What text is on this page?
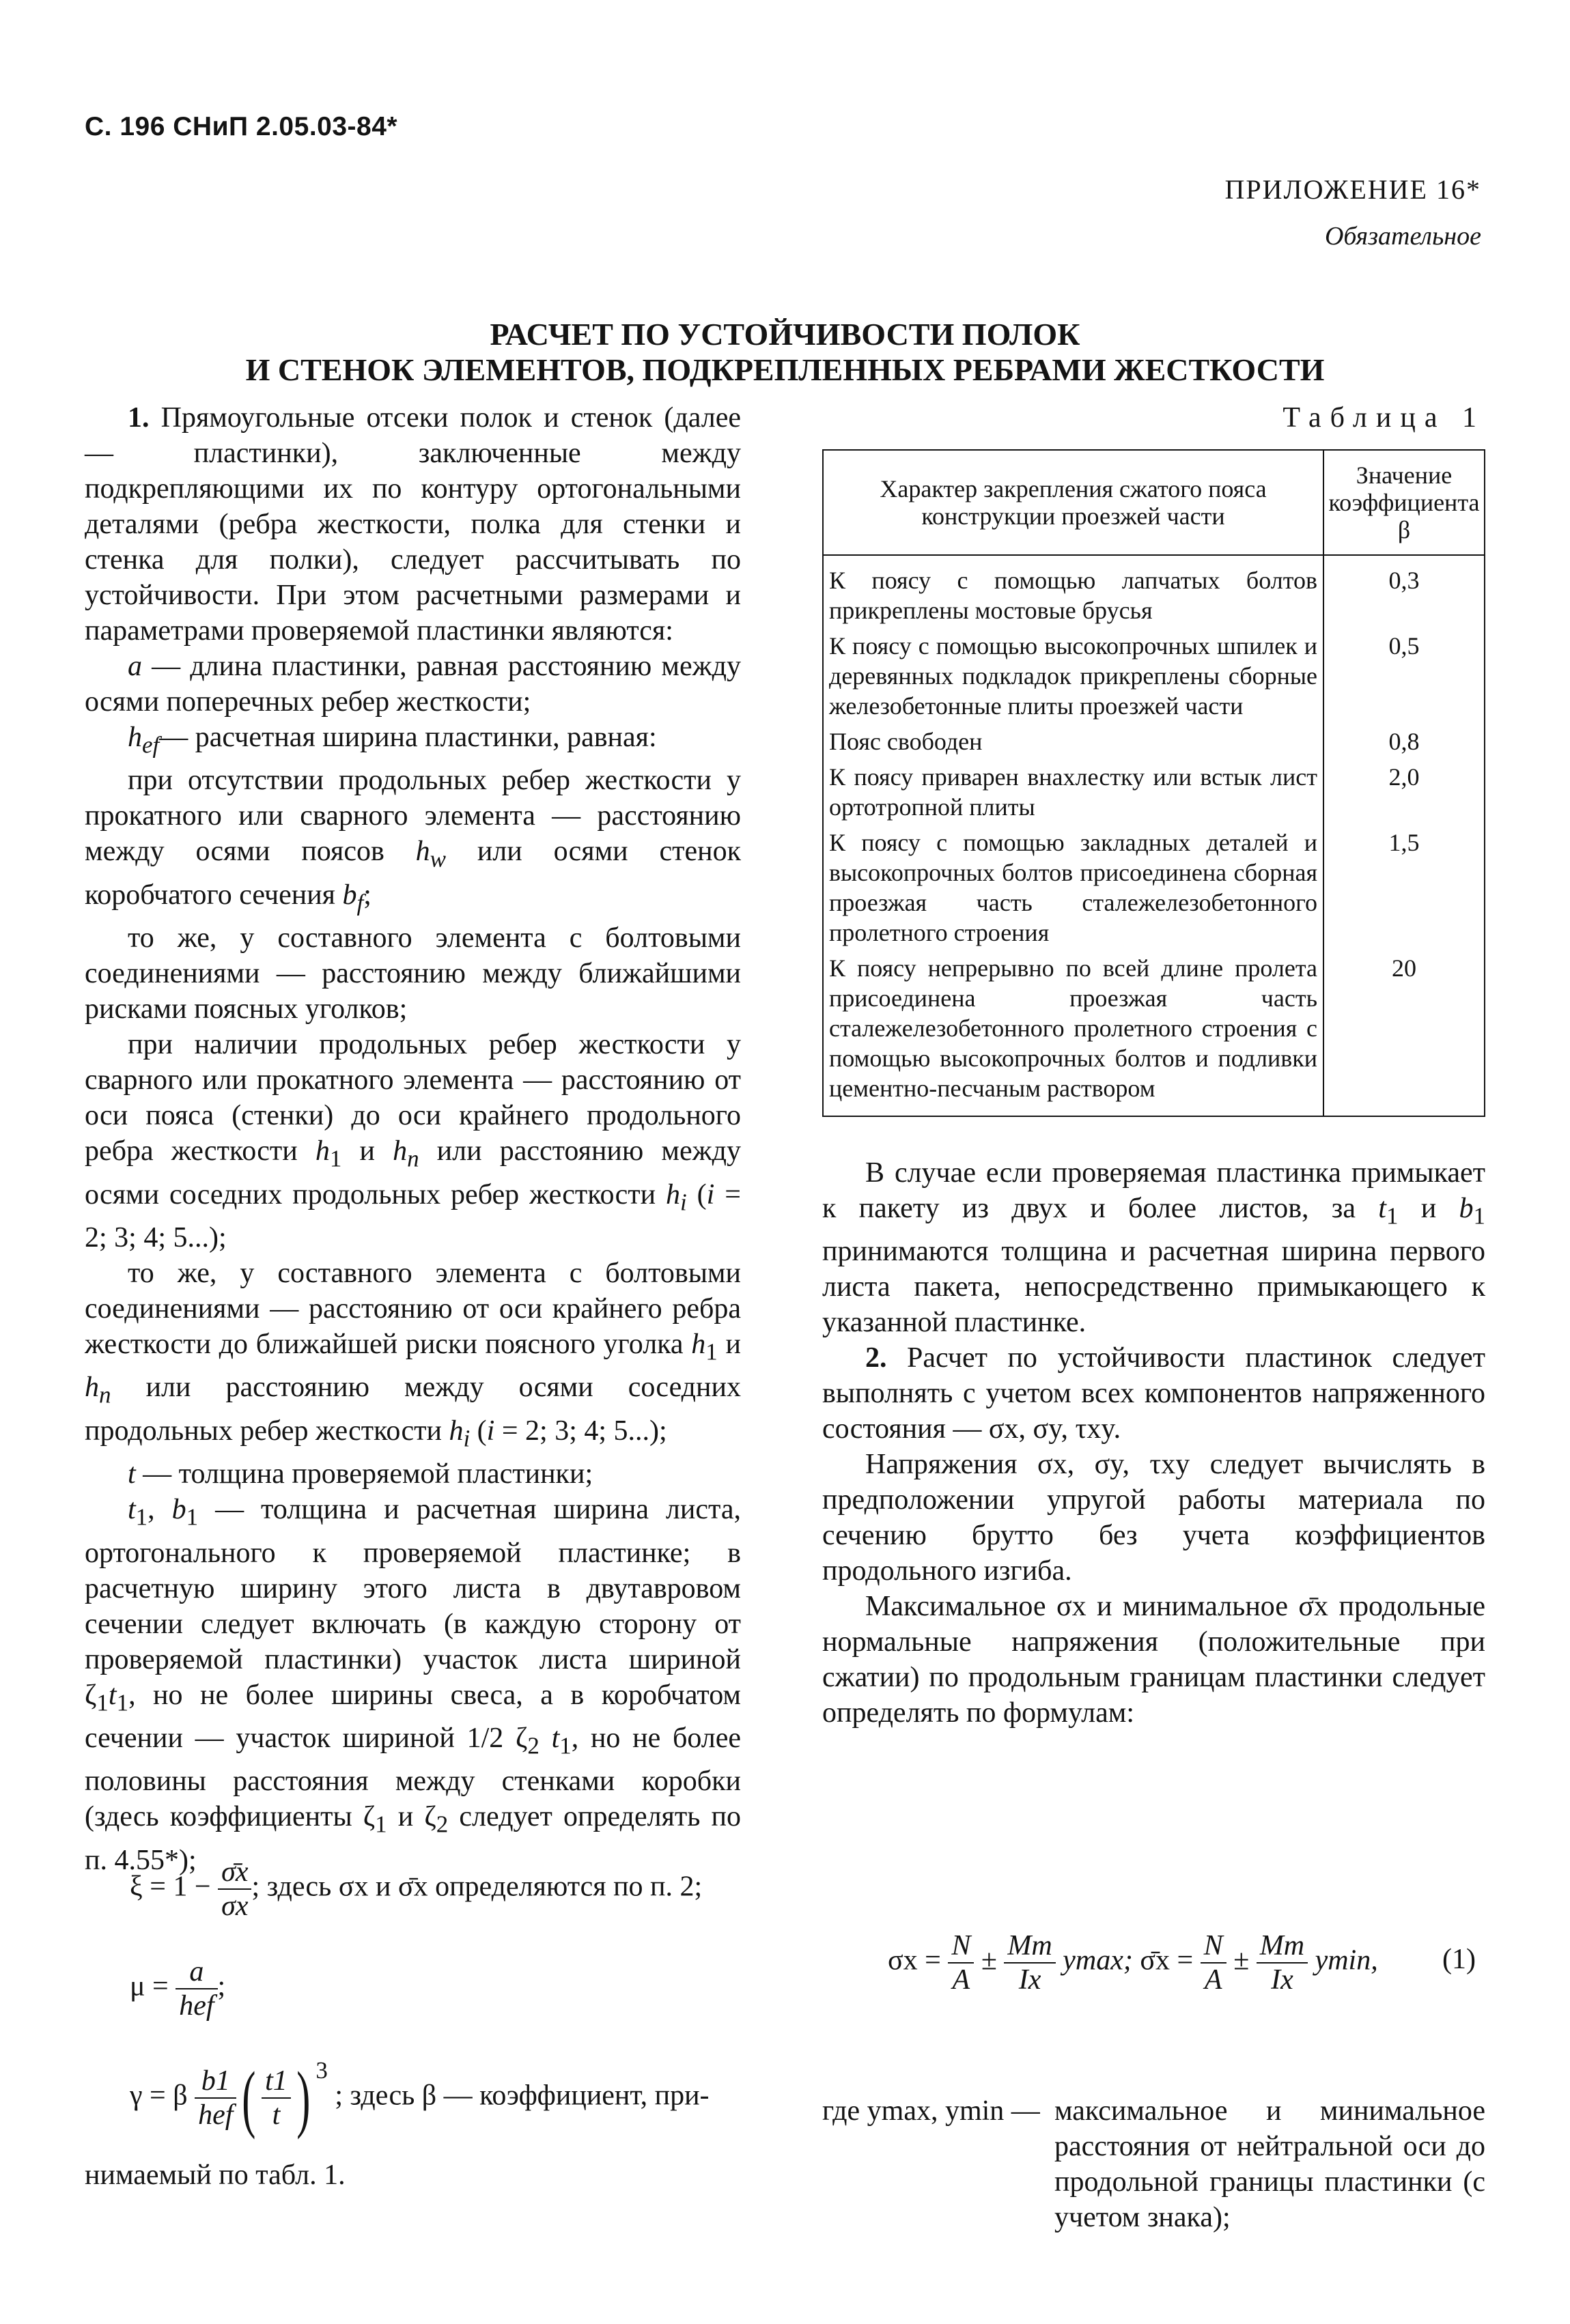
С. 196 СНиП 2.05.03-84*
ПРИЛОЖЕНИЕ 16*
Обязательное
РАСЧЕТ ПО УСТОЙЧИВОСТИ ПОЛОК
И СТЕНОК ЭЛЕМЕНТОВ, ПОДКРЕПЛЕННЫХ РЕБРАМИ ЖЕСТКОСТИ

1. Прямоугольные отсеки полок и стенок (далее — пластинки), заключенные между подкрепляющими их по контуру ортогональными деталями (ребра жесткости, полка для стенки и стенка для полки), следует рассчитывать по устойчивости. При этом расчетными размерами и параметрами проверяемой пластинки являются:

a — длина пластинки, равная расстоянию между осями поперечных ребер жесткости;

$h_{ef}—$ расчетная ширина пластинки, равная:

при отсутствии продольных ребер жесткости у прокатного или сварного элемента — расстоянию между осями поясов $h_w$ или осями стенок коробчатого сечения $b_f$;

то же, у составного элемента с болтовыми соединениями — расстоянию между ближайшими рисками поясных уголков;

при наличии продольных ребер жесткости у сварного или прокатного элемента — расстоянию от оси пояса (стенки) до оси крайнего продольного ребра жесткости $h_1$ и $h_n$ или расстоянию между осями соседних продольных ребер жесткости $h_i$ (i = 2; 3; 4; 5...);

то же, у составного элемента с болтовыми соединениями — расстоянию от оси крайнего ребра жесткости до ближайшей риски поясного уголка $h_1$ и $h_n$ или расстоянию между осями соседних продольных ребер жесткости $h_i$ (i = 2; 3; 4; 5...);

t — толщина проверяемой пластинки;

$t_1$, $b_1$ — толщина и расчетная ширина листа, ортогонального к проверяемой пластинке; в расчетную ширину этого листа в двутавровом сечении следует включать (в каждую сторону от проверяемой пластинки) участок листа шириной $\zeta_1t_1$, но не более ширины свеса, а в коробчатом сечении — участок шириной 1/2 $\zeta_2$ $t_1$, но не более половины расстояния между стенками коробки (здесь коэффициенты $\zeta_1$ и $\zeta_2$ следует определять по п. 4.55*);

$\xi = 1 - \frac{\sigmāx}{\sigma x}$ ; здесь σx и σ̄x определяются по п. 2;
$\mu = \frac{a}{\text{hef}}$ ;
γ = β $\frac{b1}{\text{hef}}$ ( $\frac{t1}{t}$ ) $^3$ ; здесь β — коэффициент, при-
нимаемый по табл. 1.
Таблица 1
Характер закрепления сжатого пояса конструкции проезжей части	Значение коэффициента β
К поясу с помощью лапчатых болтов прикреплены мостовые брусья	0,3
К поясу с помощью высокопрочных шпилек и деревянных подкладок прикреплены сборные железобетонные плиты проезжей части	0,5
Пояс свободен	0,8
К поясу приварен внахлестку или встык лист ортотропной плиты	2,0
К поясу с помощью закладных деталей и высокопрочных болтов присоединена сборная проезжая часть сталежелезобетонного пролетного строения	1,5
К поясу непрерывно по всей длине пролета присоединена проезжая часть сталежелезобетонного пролетного строения с помощью высокопрочных болтов и подливки цементно-песчаным раствором	20

В случае если проверяемая пластинка примыкает к пакету из двух и более листов, за $t_1$ и $b_1$ принимаются толщина и расчетная ширина первого листа пакета, непосредственно примыкающего к указанной пластинке.

2. Расчет по устойчивости пластинок следует выполнять с учетом всех компонентов напряженного состояния — σx, σy, τxy.

Напряжения σx, σy, τxy следует вычислять в предположении упругой работы материала по сечению брутто без учета коэффициентов продольного изгиба.

Максимальное σx и минимальное σ̄x продольные нормальные напряжения (положительные при сжатии) по продольным границам пластинки следует определять по формулам:

$\sigma x = \frac{N}{A} \pm \frac{Mm}{Ix} ymax$; σ̄x = $\frac{N}{A} \pm \frac{Mm}{Ix} ymin$, (1)
где ymax, ymin — максимальное и минимальное расстояния от нейтральной оси до продольной границы пластинки (с учетом знака);
